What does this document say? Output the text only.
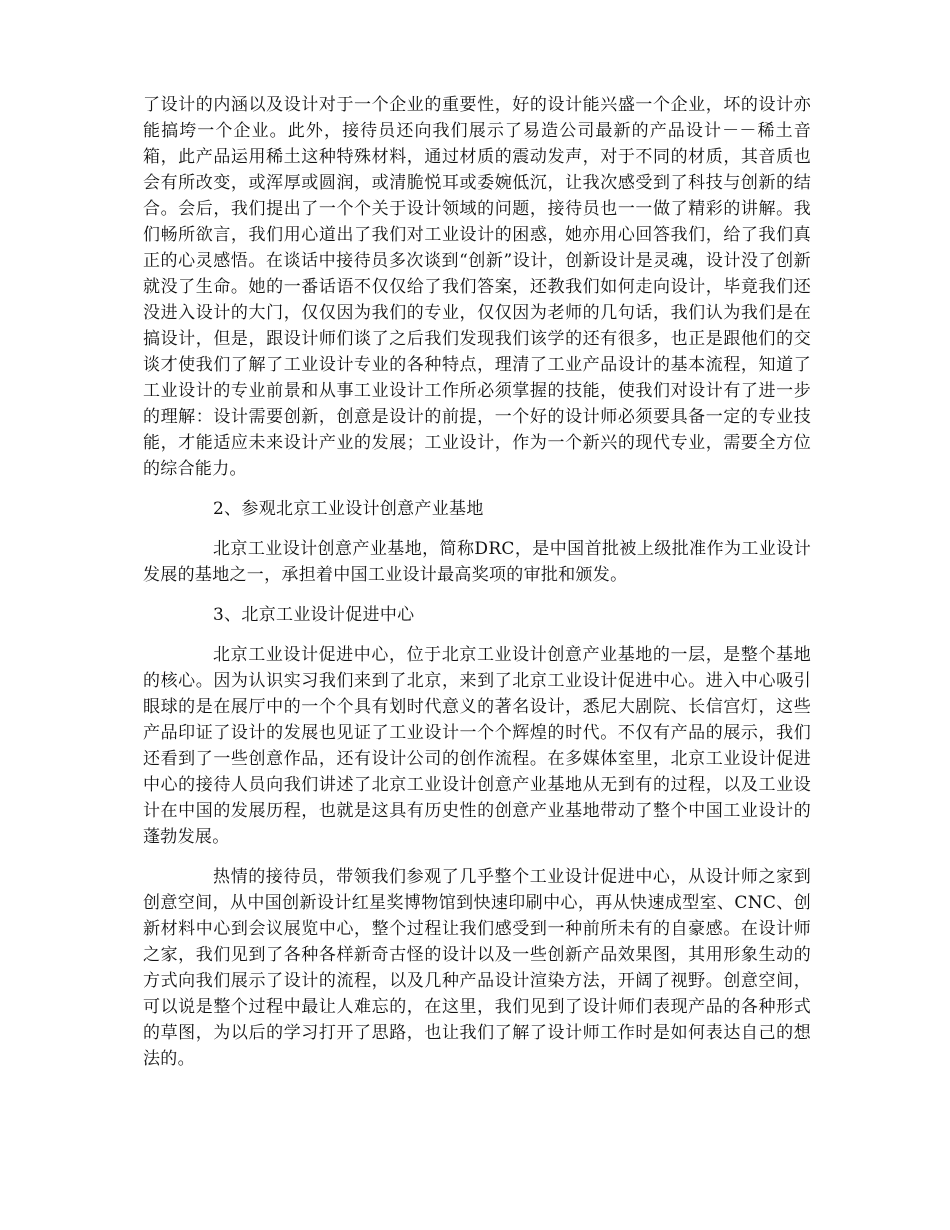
了设计的内涵以及设计对于一个企业的重要性，好的设计能兴盛一个企业，坏的设计亦能搞垮一个企业。此外，接待员还向我们展示了易造公司最新的产品设计－－稀土音箱，此产品运用稀土这种特殊材料，通过材质的震动发声，对于不同的材质，其音质也会有所改变，或浑厚或圆润，或清脆悦耳或委婉低沉，让我次感受到了科技与创新的结合。会后，我们提出了一个个关于设计领域的问题，接待员也一一做了精彩的讲解。我们畅所欲言，我们用心道出了我们对工业设计的困惑，她亦用心回答我们，给了我们真正的心灵感悟。在谈话中接待员多次谈到“创新”设计，创新设计是灵魂，设计没了创新就没了生命。她的一番话语不仅仅给了我们答案，还教我们如何走向设计，毕竟我们还没进入设计的大门，仅仅因为我们的专业，仅仅因为老师的几句话，我们认为我们是在搞设计，但是，跟设计师们谈了之后我们发现我们该学的还有很多，也正是跟他们的交谈才使我们了解了工业设计专业的各种特点，理清了工业产品设计的基本流程，知道了工业设计的专业前景和从事工业设计工作所必须掌握的技能，使我们对设计有了进一步的理解：设计需要创新，创意是设计的前提，一个好的设计师必须要具备一定的专业技能，才能适应未来设计产业的发展；工业设计，作为一个新兴的现代专业，需要全方位的综合能力。

2、参观北京工业设计创意产业基地

北京工业设计创意产业基地，简称DRC，是中国首批被上级批准作为工业设计发展的基地之一，承担着中国工业设计最高奖项的审批和颁发。

3、北京工业设计促进中心

北京工业设计促进中心，位于北京工业设计创意产业基地的一层，是整个基地的核心。因为认识实习我们来到了北京，来到了北京工业设计促进中心。进入中心吸引眼球的是在展厅中的一个个具有划时代意义的著名设计，悉尼大剧院、长信宫灯，这些产品印证了设计的发展也见证了工业设计一个个辉煌的时代。不仅有产品的展示，我们还看到了一些创意作品，还有设计公司的创作流程。在多媒体室里，北京工业设计促进中心的接待人员向我们讲述了北京工业设计创意产业基地从无到有的过程，以及工业设计在中国的发展历程，也就是这具有历史性的创意产业基地带动了整个中国工业设计的蓬勃发展。

热情的接待员，带领我们参观了几乎整个工业设计促进中心，从设计师之家到创意空间，从中国创新设计红星奖博物馆到快速印刷中心，再从快速成型室、CNC、创新材料中心到会议展览中心，整个过程让我们感受到一种前所未有的自豪感。在设计师之家，我们见到了各种各样新奇古怪的设计以及一些创新产品效果图，其用形象生动的方式向我们展示了设计的流程，以及几种产品设计渲染方法，开阔了视野。创意空间，可以说是整个过程中最让人难忘的，在这里，我们见到了设计师们表现产品的各种形式的草图，为以后的学习打开了思路，也让我们了解了设计师工作时是如何表达自己的想法的。
